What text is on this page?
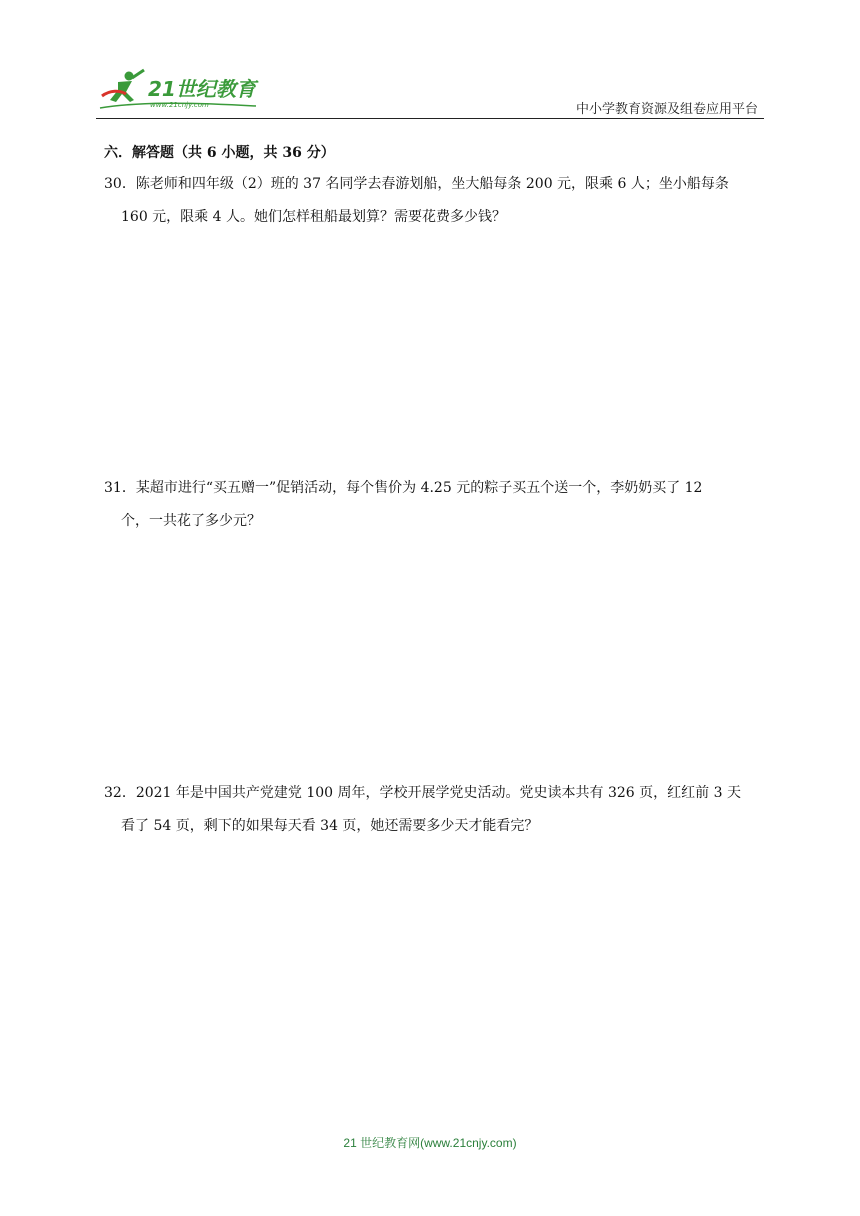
21世纪教育
www.21cnjy.com	中小学教育资源及组卷应用平台
六．解答题（共 6 小题，共 36 分）
30．陈老师和四年级（2）班的 37 名同学去春游划船，坐大船每条 200 元，限乘 6 人；坐小船每条
160 元，限乘 4 人。她们怎样租船最划算？需要花费多少钱？
31．某超市进行“买五赠一”促销活动，每个售价为 4.25 元的粽子买五个送一个，李奶奶买了 12
个，一共花了多少元？
32．2021 年是中国共产党建党 100 周年，学校开展学党史活动。党史读本共有 326 页，红红前 3 天
看了 54 页，剩下的如果每天看 34 页，她还需要多少天才能看完？
21 世纪教育网(www.21cnjy.com)
